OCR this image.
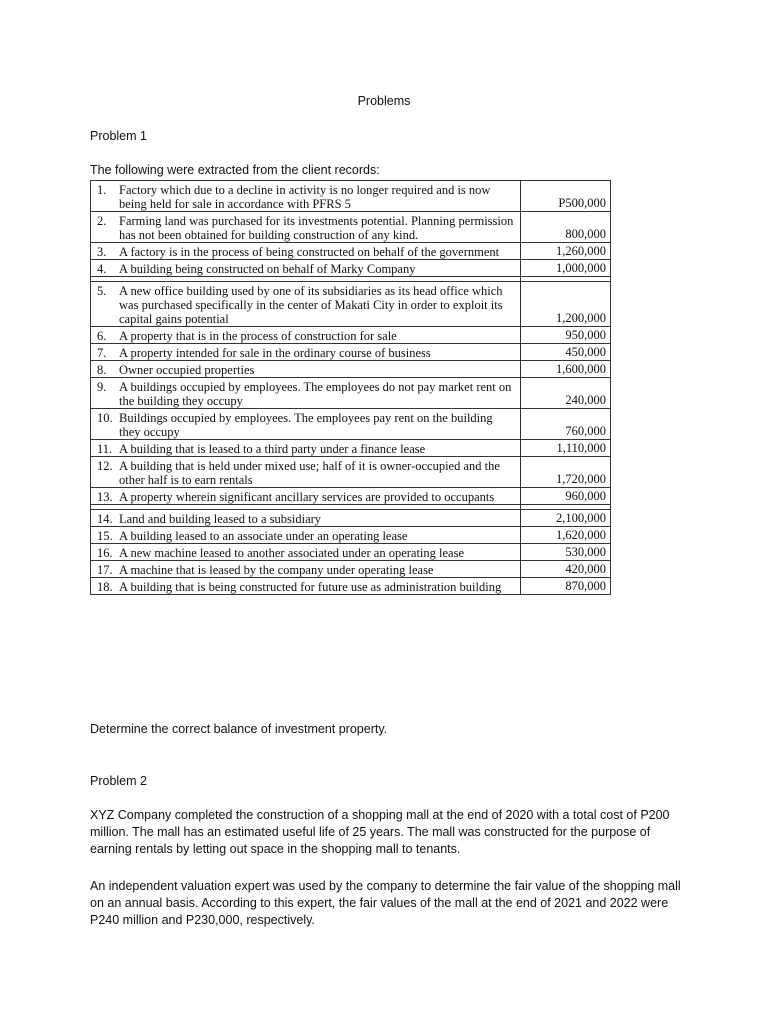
Problems
Problem 1
The following were extracted from the client records:
1.	Factory which due to a decline in activity is no longer required and is now being held for sale in accordance with PFRS 5	P500,000
2.	Farming land was purchased for its investments potential. Planning permission has not been obtained for building construction of any kind.	800,000
3.	A factory is in the process of being constructed on behalf of the government	1,260,000
4.	A building being constructed on behalf of Marky Company	1,000,000
5.	A new office building used by one of its subsidiaries as its head office which was purchased specifically in the center of Makati City in order to exploit its capital gains potential	1,200,000
6.	A property that is in the process of construction for sale	950,000
7.	A property intended for sale in the ordinary course of business	450,000
8.	Owner occupied properties	1,600,000
9.	A buildings occupied by employees. The employees do not pay market rent on the building they occupy	240,000
10. Buildings occupied by employees. The employees pay rent on the building they occupy	760,000
11. A building that is leased to a third party under a finance lease	1,110,000
12. A building that is held under mixed use; half of it is owner-occupied and the other half is to earn rentals	1,720,000
13. A property wherein significant ancillary services are provided to occupants	960,000
14. Land and building leased to a subsidiary	2,100,000
15. A building leased to an associate under an operating lease	1,620,000
16. A new machine leased to another associated under an operating lease	530,000
17. A machine that is leased by the company under operating lease	420,000
18. A building that is being constructed for future use as administration building	870,000
Determine the correct balance of investment property.
Problem 2

XYZ Company completed the construction of a shopping mall at the end of 2020 with a total cost of P200 million. The mall has an estimated useful life of 25 years. The mall was constructed for the purpose of earning rentals by letting out space in the shopping mall to tenants.

An independent valuation expert was used by the company to determine the fair value of the shopping mall on an annual basis. According to this expert, the fair values of the mall at the end of 2021 and 2022 were P240 million and P230,000, respectively.
